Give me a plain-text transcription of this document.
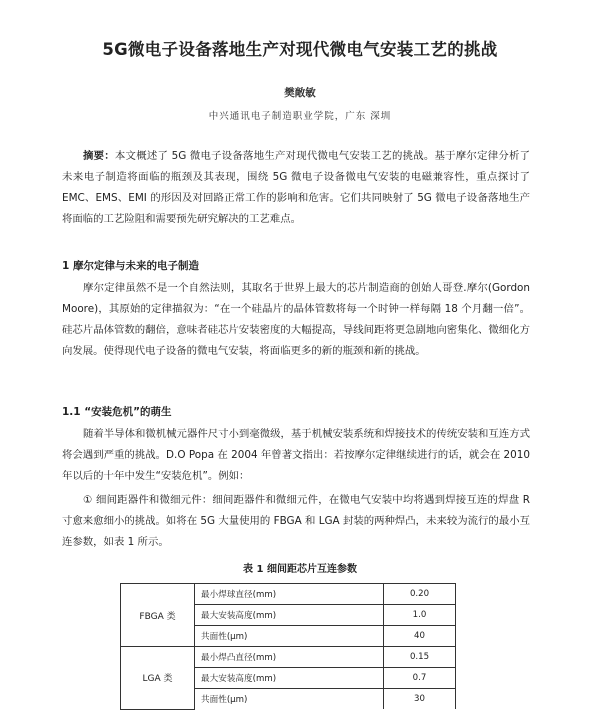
5G微电子设备落地生产对现代微电气安装工艺的挑战
樊敞敏
中兴通讯电子制造职业学院，广东 深圳
摘要：本文概述了 5G 微电子设备落地生产对现代微电气安装工艺的挑战。基于摩尔定律分析了未来电子制造将面临的瓶颈及其表现，围绕 5G 微电子设备微电气安装的电磁兼容性，重点探讨了 EMC、EMS、EMI 的形因及对回路正常工作的影响和危害。它们共同映射了 5G 微电子设备落地生产将面临的工艺险阻和需要预先研究解决的工艺难点。
1 摩尔定律与未来的电子制造
摩尔定律虽然不是一个自然法则，其取名于世界上最大的芯片制造商的创始人哥登.摩尔(Gordon Moore)，其原始的定律描叙为：“在一个硅晶片的晶体管数将每一个时钟一样每隔 18 个月翻一倍”。硅芯片晶体管数的翻倍，意味者硅芯片安装密度的大幅提高，导线间距将更急剧地向密集化、微细化方向发展。使得现代电子设备的微电气安装，将面临更多的新的瓶颈和新的挑战。
1.1 “安装危机”的萌生
随着半导体和微机械元器件尺寸小到毫微级，基于机械安装系统和焊接技术的传统安装和互连方式将会遇到严重的挑战。D.O Popa 在 2004 年曾著文指出：若按摩尔定律继续进行的话，就会在 2010 年以后的十年中发生“安装危机”。例如：
① 细间距器件和微细元件：细间距器件和微细元件，在微电气安装中均将遇到焊接互连的焊盘 R 寸愈来愈细小的挑战。如将在 5G 大量使用的 FBGA 和 LGA 封装的两种焊凸，未来较为流行的最小互连参数，如表 1 所示。
表 1 细间距芯片互连参数
FBGA 类	最小焊球直径(mm)	0.20
	最大安装高度(mm)	1.0
	共面性(μm)	40
LGA 类	最小焊凸直径(mm)	0.15
	最大安装高度(mm)	0.7
	共面性(μm)	30
